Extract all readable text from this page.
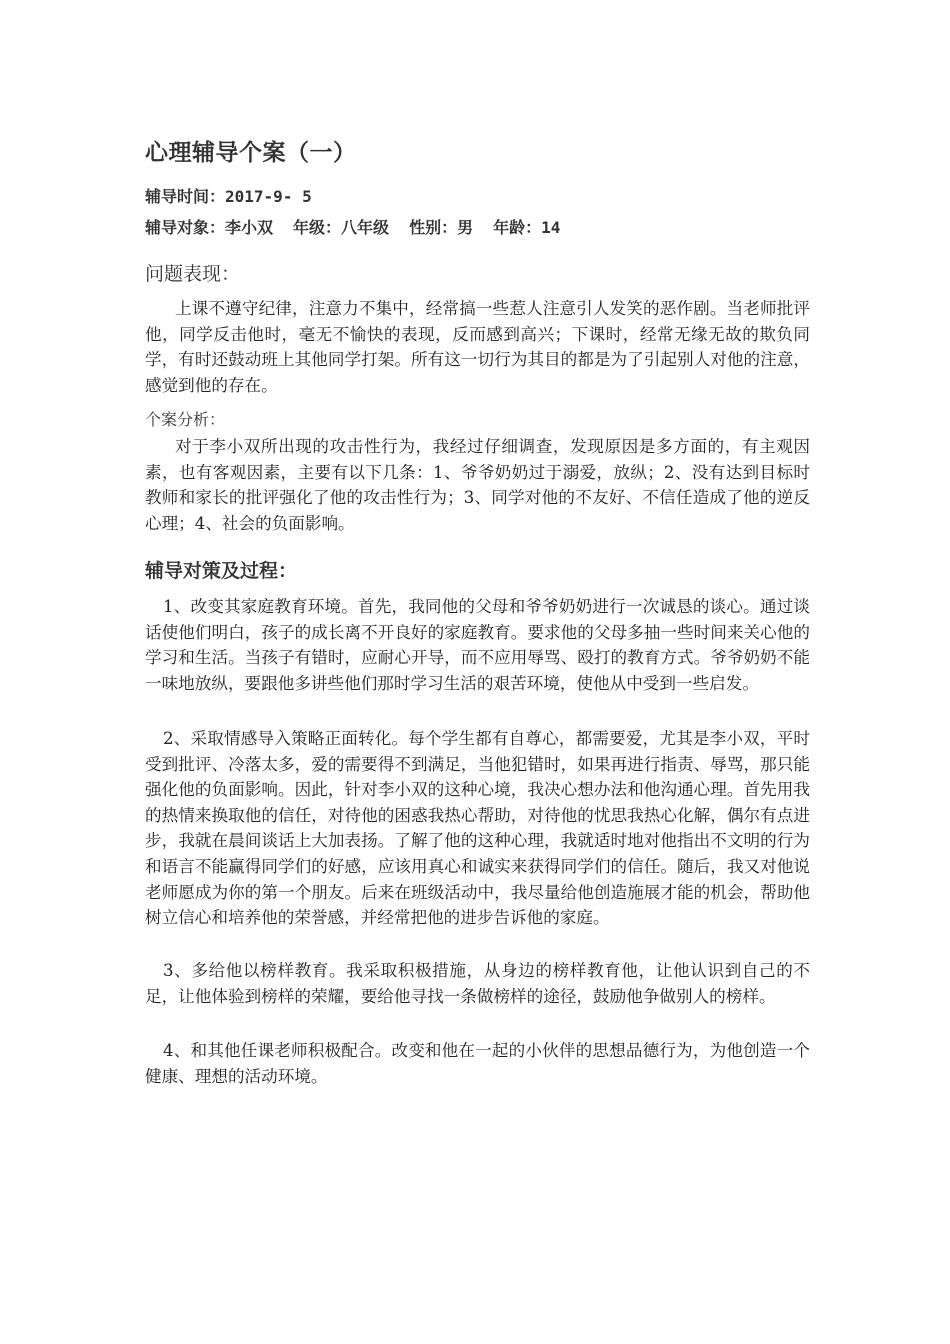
心理辅导个案（一）
辅导时间：2017-9- 5
辅导对象：李小双 年级：八年级 性别：男 年龄：14
问题表现：

上课不遵守纪律，注意力不集中，经常搞一些惹人注意引人发笑的恶作剧。当老师批评他，同学反击他时，毫无不愉快的表现，反而感到高兴；下课时，经常无缘无故的欺负同学，有时还鼓动班上其他同学打架。所有这一切行为其目的都是为了引起别人对他的注意，感觉到他的存在。

个案分析：

对于李小双所出现的攻击性行为，我经过仔细调查，发现原因是多方面的，有主观因素，也有客观因素，主要有以下几条：1、爷爷奶奶过于溺爱，放纵；2、没有达到目标时教师和家长的批评强化了他的攻击性行为；3、同学对他的不友好、不信任造成了他的逆反心理；4、社会的负面影响。

辅导对策及过程：

1、改变其家庭教育环境。首先，我同他的父母和爷爷奶奶进行一次诚恳的谈心。通过谈话使他们明白，孩子的成长离不开良好的家庭教育。要求他的父母多抽一些时间来关心他的学习和生活。当孩子有错时，应耐心开导，而不应用辱骂、殴打的教育方式。爷爷奶奶不能一味地放纵，要跟他多讲些他们那时学习生活的艰苦环境，使他从中受到一些启发。

2、采取情感导入策略正面转化。每个学生都有自尊心，都需要爱，尤其是李小双，平时受到批评、冷落太多，爱的需要得不到满足，当他犯错时，如果再进行指责、辱骂，那只能强化他的负面影响。因此，针对李小双的这种心境，我决心想办法和他沟通心理。首先用我的热情来换取他的信任，对待他的困惑我热心帮助，对待他的忧思我热心化解，偶尔有点进步，我就在晨间谈话上大加表扬。了解了他的这种心理，我就适时地对他指出不文明的行为和语言不能赢得同学们的好感，应该用真心和诚实来获得同学们的信任。随后，我又对他说老师愿成为你的第一个朋友。后来在班级活动中，我尽量给他创造施展才能的机会，帮助他树立信心和培养他的荣誉感，并经常把他的进步告诉他的家庭。

3、多给他以榜样教育。我采取积极措施，从身边的榜样教育他，让他认识到自己的不足，让他体验到榜样的荣耀，要给他寻找一条做榜样的途径，鼓励他争做别人的榜样。

4、和其他任课老师积极配合。改变和他在一起的小伙伴的思想品德行为，为他创造一个健康、理想的活动环境。
